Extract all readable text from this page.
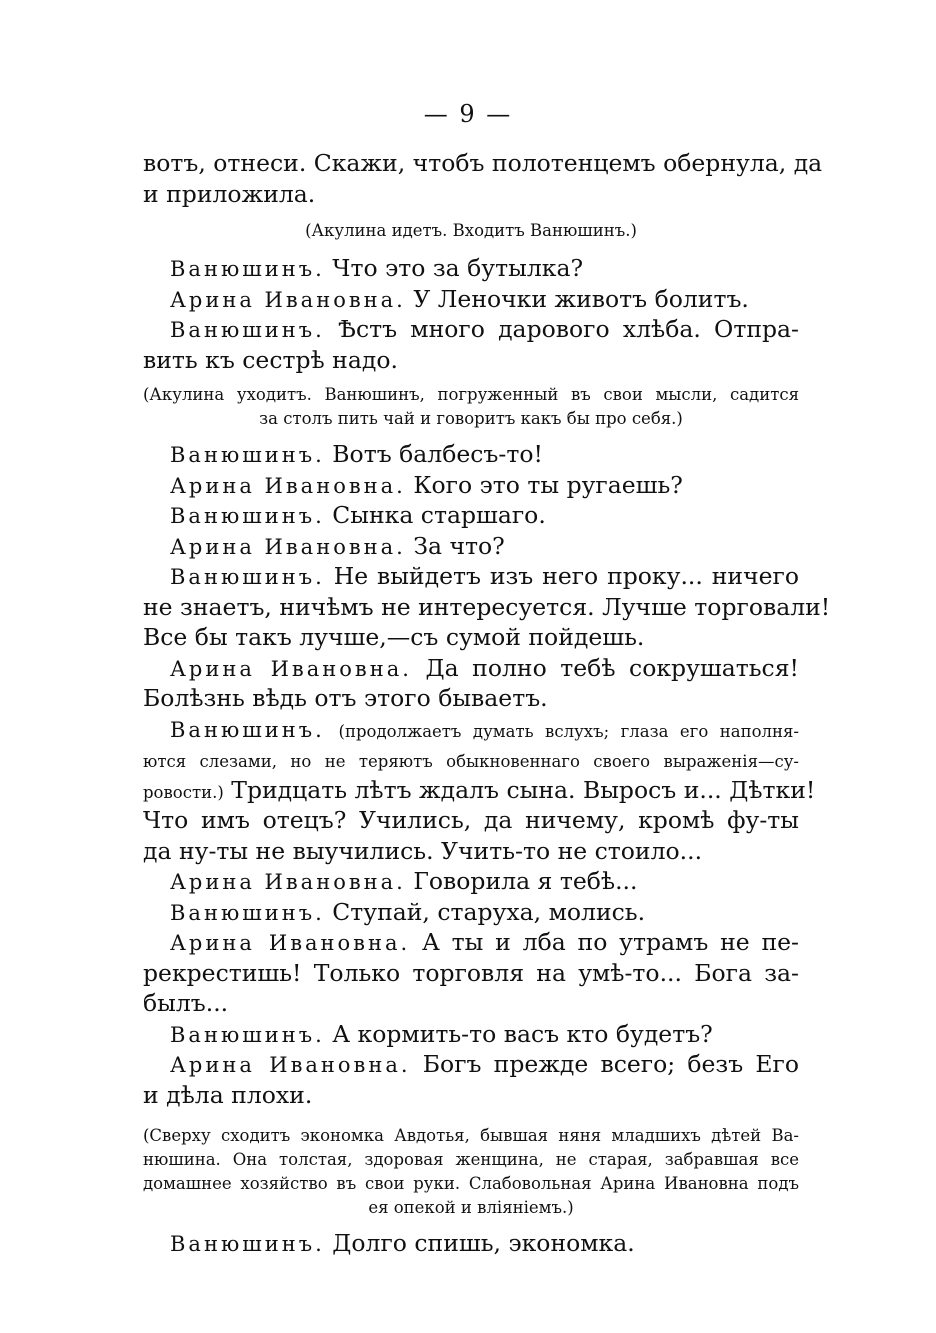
— 9 —
вотъ, отнеси. Скажи, чтобъ полотенцемъ обернула, да
и приложила.
(Акулина идетъ. Входитъ Ванюшинъ.)
Ванюшинъ. Что это за бутылка?
Арина Ивановна. У Леночки животъ болитъ.
Ванюшинъ. Ѣстъ много дарового хлѣба. Отпра-
вить къ сестрѣ надо.
(Акулина уходитъ. Ванюшинъ, погруженный въ свои мысли, садится
за столъ пить чай и говоритъ какъ бы про себя.)
Ванюшинъ. Вотъ балбесъ-то!
Арина Ивановна. Кого это ты ругаешь?
Ванюшинъ. Сынка старшаго.
Арина Ивановна. За что?
Ванюшинъ. Не выйдетъ изъ него проку... ничего
не знаетъ, ничѣмъ не интересуется. Лучше торговали!
Все бы такъ лучше,—съ сумой пойдешь.
Арина Ивановна. Да полно тебѣ сокрушаться!
Болѣзнь вѣдь отъ этого бываетъ.
Ванюшинъ. (продолжаетъ думать вслухъ; глаза его наполня-
ются слезами, но не теряютъ обыкновеннаго своего выраженія—су-
ровости.) Тридцать лѣтъ ждалъ сына. Выросъ и... Дѣтки!
Что имъ отецъ? Учились, да ничему, кромѣ фу-ты
да ну-ты не выучились. Учить-то не стоило...
Арина Ивановна. Говорила я тебѣ...
Ванюшинъ. Ступай, старуха, молись.
Арина Ивановна. А ты и лба по утрамъ не пе-
рекрестишь! Только торговля на умѣ-то... Бога за-
былъ...
Ванюшинъ. А кормить-то васъ кто будетъ?
Арина Ивановна. Богъ прежде всего; безъ Его
и дѣла плохи.
(Сверху сходитъ экономка Авдотья, бывшая няня младшихъ дѣтей Ва-
нюшина. Она толстая, здоровая женщина, не старая, забравшая все
домашнее хозяйство въ свои руки. Слабовольная Арина Ивановна подъ
ея опекой и вліяніемъ.)
Ванюшинъ. Долго спишь, экономка.
